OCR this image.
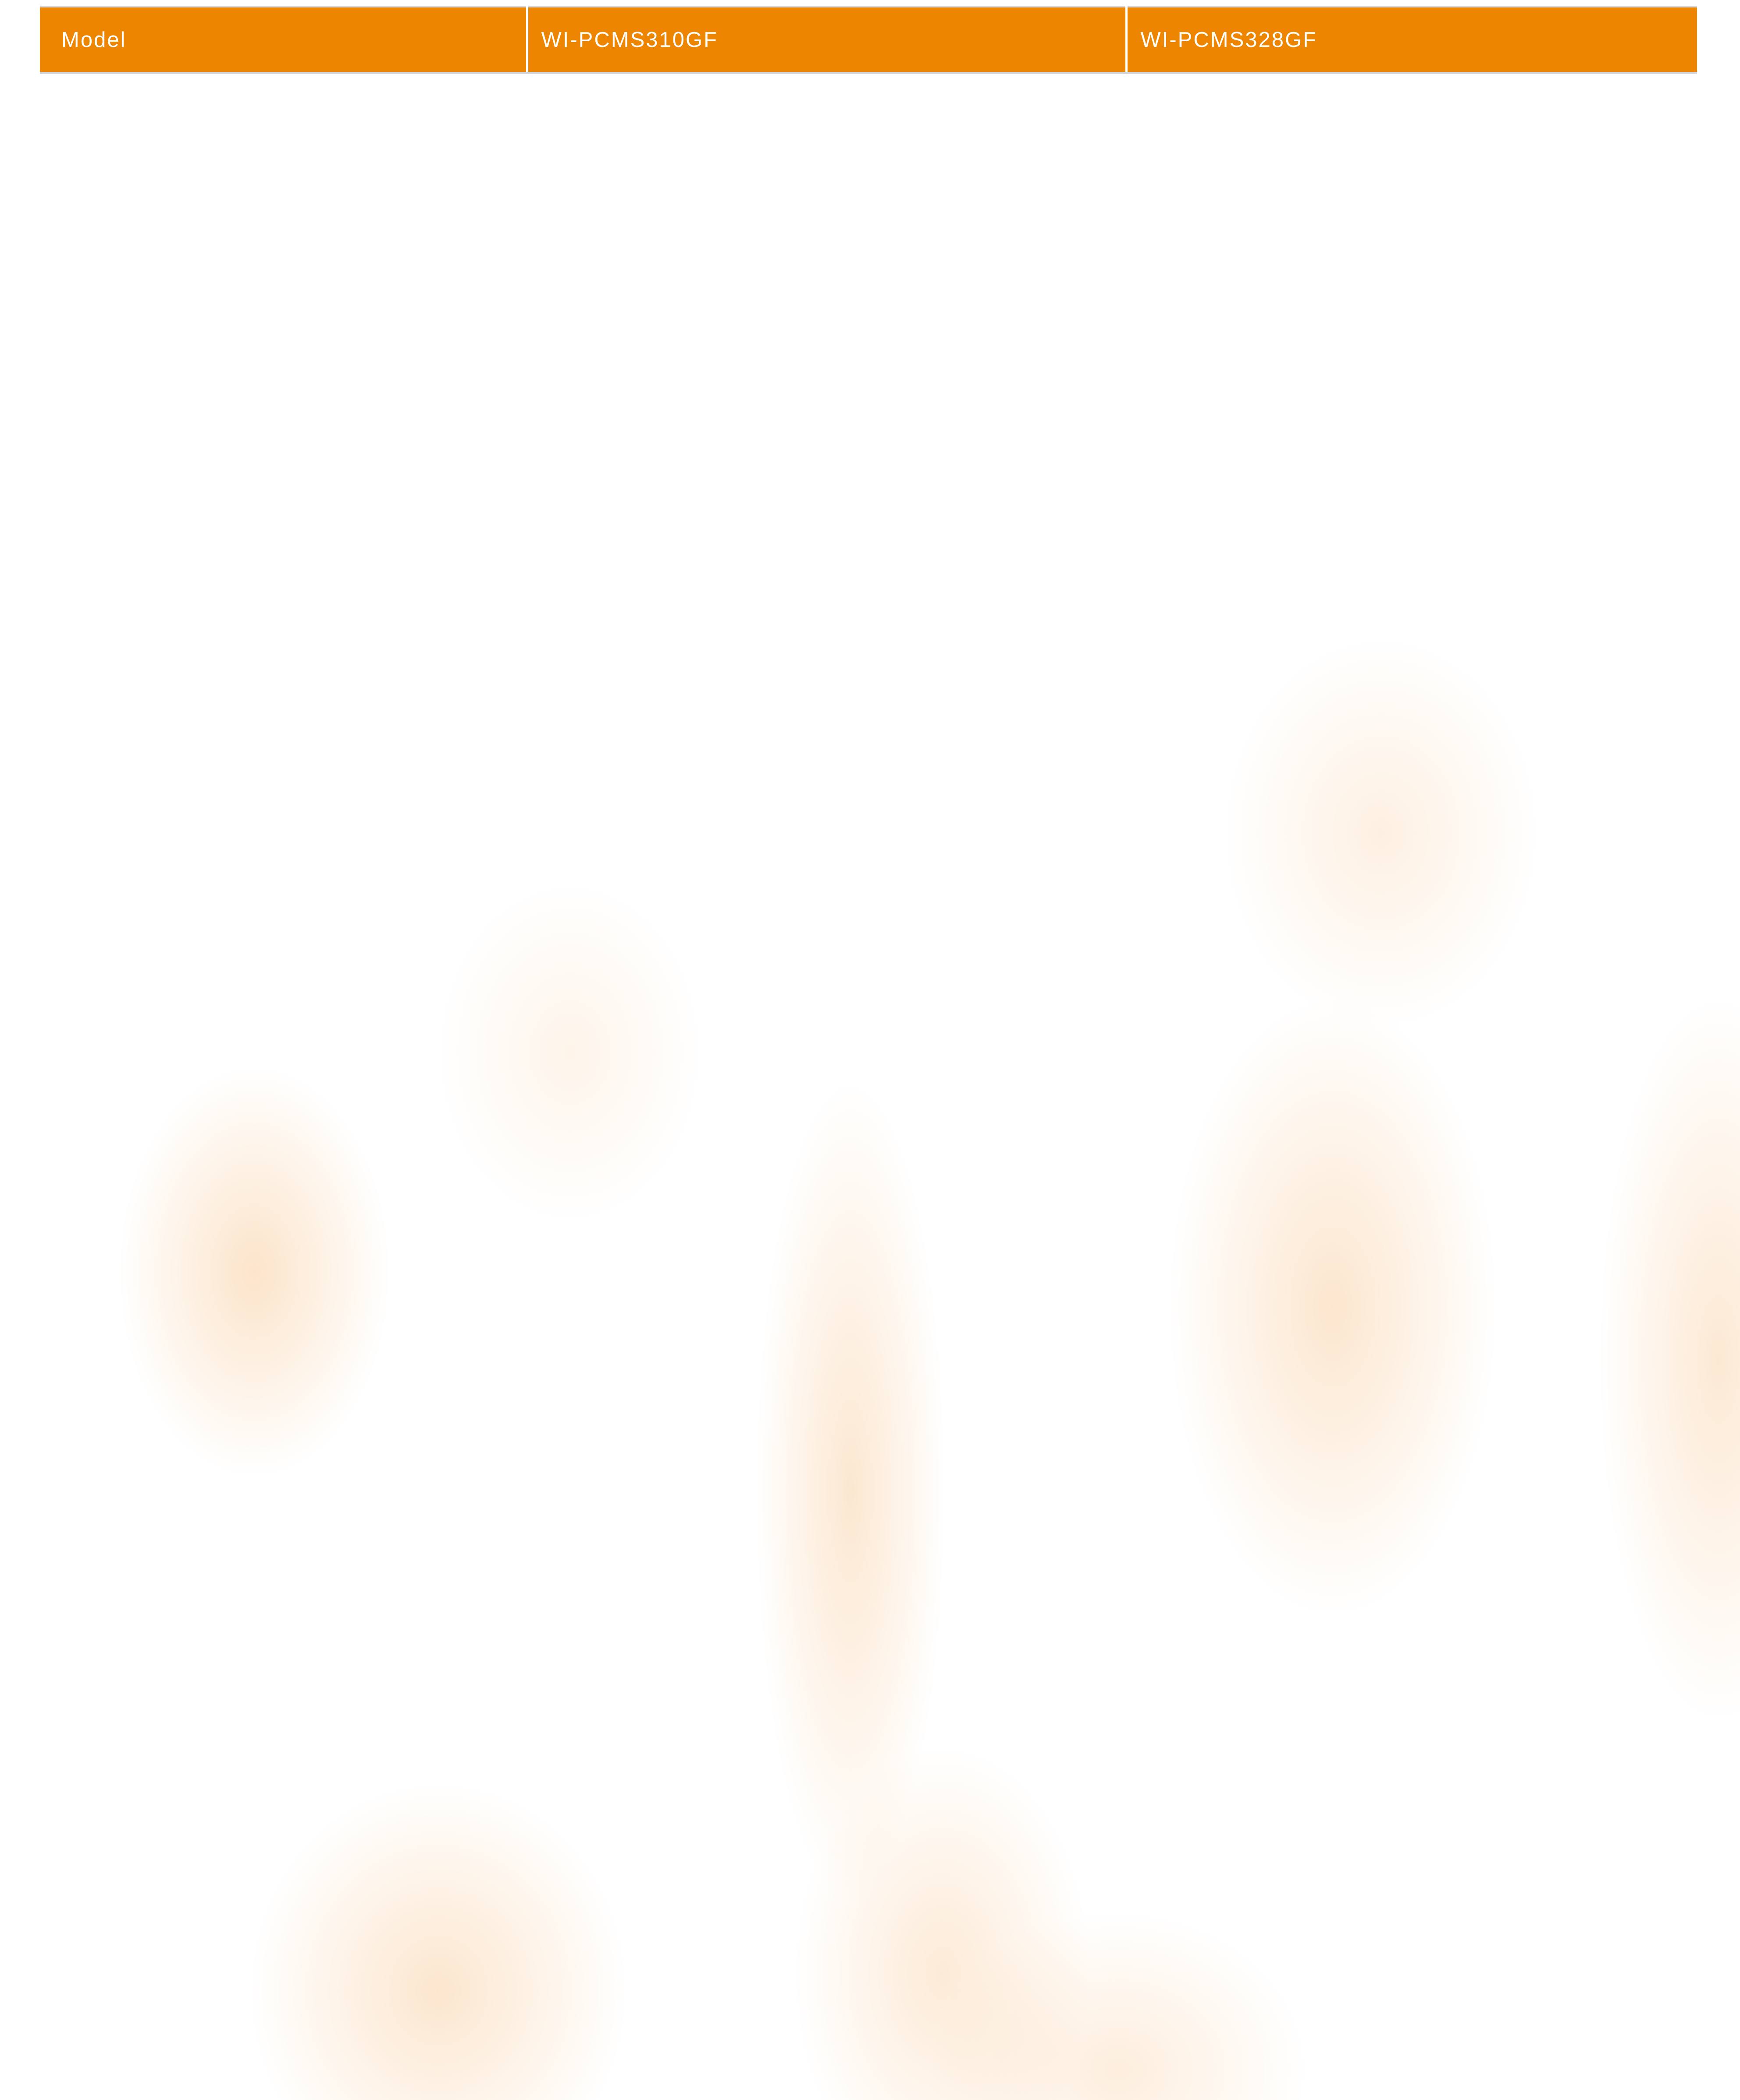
Model	WI-PCMS310GF	WI-PCMS328GF
